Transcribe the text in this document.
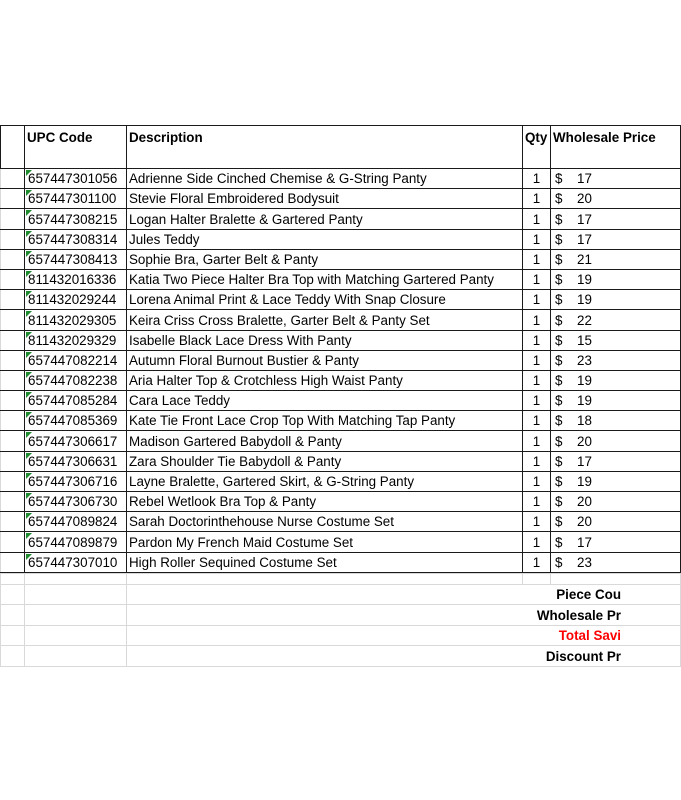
	UPC Code	Description	Qty	Wholesale Price
	657447301056	Adrienne Side Cinched Chemise & G-String Panty	1	$ 17
	657447301100	Stevie Floral Embroidered Bodysuit	1	$ 20
	657447308215	Logan Halter Bralette & Gartered Panty	1	$ 17
	657447308314	Jules Teddy	1	$ 17
	657447308413	Sophie Bra, Garter Belt & Panty	1	$ 21
	811432016336	Katia Two Piece Halter Bra Top with Matching Gartered Panty	1	$ 19
	811432029244	Lorena Animal Print & Lace Teddy With Snap Closure	1	$ 19
	811432029305	Keira Criss Cross Bralette, Garter Belt & Panty Set	1	$ 22
	811432029329	Isabelle Black Lace Dress With Panty	1	$ 15
	657447082214	Autumn Floral Burnout Bustier & Panty	1	$ 23
	657447082238	Aria Halter Top & Crotchless High Waist Panty	1	$ 19
	657447085284	Cara Lace Teddy	1	$ 19
	657447085369	Kate Tie Front Lace Crop Top With Matching Tap Panty	1	$ 18
	657447306617	Madison Gartered Babydoll & Panty	1	$ 20
	657447306631	Zara Shoulder Tie Babydoll & Panty	1	$ 17
	657447306716	Layne Bralette, Gartered Skirt, & G-String Panty	1	$ 19
	657447306730	Rebel Wetlook Bra Top & Panty	1	$ 20
	657447089824	Sarah Doctorinthehouse Nurse Costume Set	1	$ 20
	657447089879	Pardon My French Maid Costume Set	1	$ 17
	657447307010	High Roller Sequined Costume Set	1	$ 23

		Piece Cou		

		Wholesale Pr		

		Total Savi		

		Discount Pr		
